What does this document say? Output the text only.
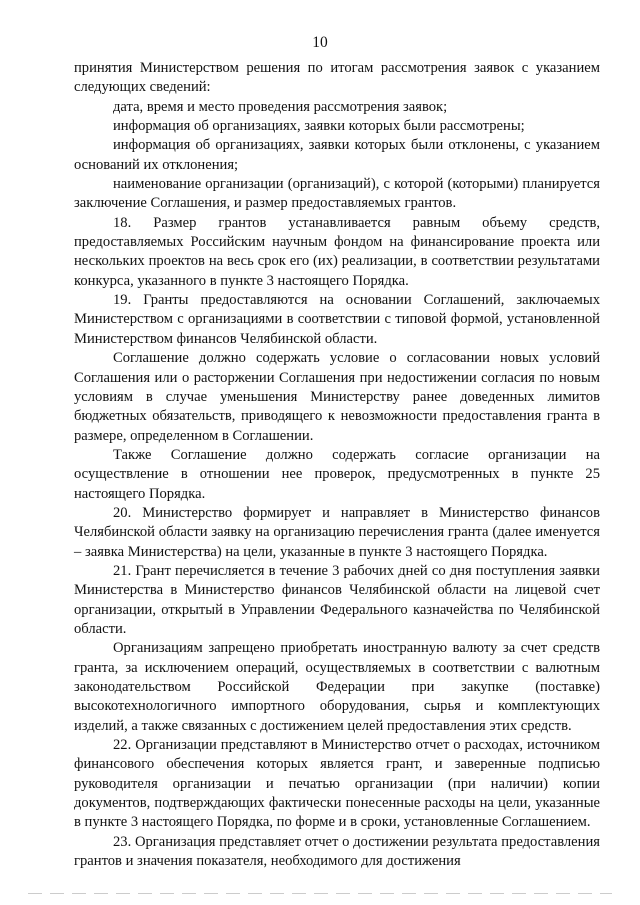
10

принятия Министерством решения по итогам рассмотрения заявок с указанием следующих сведений:

дата, время и место проведения рассмотрения заявок;

информация об организациях, заявки которых были рассмотрены;

информация об организациях, заявки которых были отклонены, с указанием оснований их отклонения;

наименование организации (организаций), с которой (которыми) планируется заключение Соглашения, и размер предоставляемых грантов.

18. Размер грантов устанавливается равным объему средств, предоставляемых Российским научным фондом на финансирование проекта или нескольких проектов на весь срок его (их) реализации, в соответствии результатами конкурса, указанного в пункте 3 настоящего Порядка.

19. Гранты предоставляются на основании Соглашений, заключаемых Министерством с организациями в соответствии с типовой формой, установленной Министерством финансов Челябинской области.

Соглашение должно содержать условие о согласовании новых условий Соглашения или о расторжении Соглашения при недостижении согласия по новым условиям в случае уменьшения Министерству ранее доведенных лимитов бюджетных обязательств, приводящего к невозможности предоставления гранта в размере, определенном в Соглашении.

Также Соглашение должно содержать согласие организации на осуществление в отношении нее проверок, предусмотренных в пункте 25 настоящего Порядка.

20. Министерство формирует и направляет в Министерство финансов Челябинской области заявку на организацию перечисления гранта (далее именуется – заявка Министерства) на цели, указанные в пункте 3 настоящего Порядка.

21. Грант перечисляется в течение 3 рабочих дней со дня поступления заявки Министерства в Министерство финансов Челябинской области на лицевой счет организации, открытый в Управлении Федерального казначейства по Челябинской области.

Организациям запрещено приобретать иностранную валюту за счет средств гранта, за исключением операций, осуществляемых в соответствии с валютным законодательством Российской Федерации при закупке (поставке) высокотехнологичного импортного оборудования, сырья и комплектующих изделий, а также связанных с достижением целей предоставления этих средств.

22. Организации представляют в Министерство отчет о расходах, источником финансового обеспечения которых является грант, и заверенные подписью руководителя организации и печатью организации (при наличии) копии документов, подтверждающих фактически понесенные расходы на цели, указанные в пункте 3 настоящего Порядка, по форме и в сроки, установленные Соглашением.

23. Организация представляет отчет о достижении результата предоставления грантов и значения показателя, необходимого для достижения
